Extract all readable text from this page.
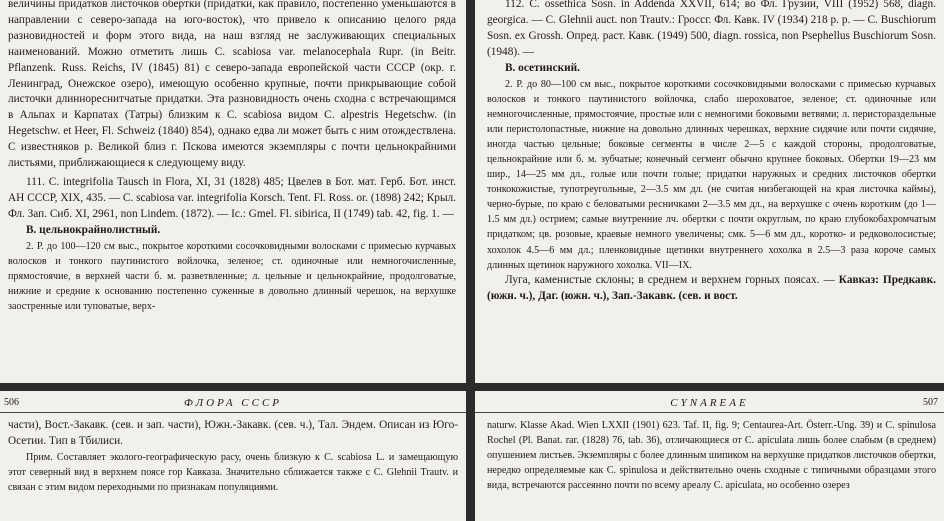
величины придатков листочков обертки (придатки, как правило, постепенно уменьшаются в направлении с северо-запада на юго-восток), что привело к описанию целого ряда разновидностей и форм этого вида, на наш взгляд не заслуживающих специальных наименований. Можно отметить лишь C. scabiosa var. melanocephala Rupr. (in Beitr. Pflanzenk. Russ. Reichs, IV (1845) 81) с северо-запада европейской части СССР (окр. г. Ленинград, Онежское озеро), имеющую особенно крупные, почти прикрывающие собой листочки длиннореснитчатые придатки. Эта разновидность очень сходна с встречающимся в Альпах и Карпатах (Татры) близким к C. scabiosa видом C. alpestris Hegetschw. (in Hegetschw. et Heer, Fl. Schweiz (1840) 854), однако едва ли может быть с ним отождествлена. С известняков р. Великой близ г. Пскова имеются экземпляры с почти цельнокрайними листьями, приближающиеся к следующему виду.

111. C. integrifolia Tausch in Flora, XI, 31 (1828) 485; Цвелев в Бот. мат. Герб. Бот. инст. АН СССР, XIX, 435. — C. scabiosa var. integrifolia Korsch. Tent. Fl. Ross. or. (1898) 242; Крыл. Фл. Зап. Сиб. XI, 2961, non Lindem. (1872). — Ic.: Gmel. Fl. sibirica, II (1749) tab. 42, fig. 1. —
В. цельнокрайнолистный.

2. Р. до 100—120 см выс., покрытое короткими сосочковидными волосками с примесью курчавых волосков и тонкого паутинистого войлочка, зеленое; ст. одиночные или немногочисленные, прямостоячие, в верхней части б. м. разветвленные; л. цельные и цельнокрайние, продолговатые, нижние и средние к основанию постепенно суженные в довольно длинный черешок, на верхушке заостренные или туповатые, верх-

112. C. ossethica Sosn. in Addenda XXVII, 614; во Фл. Грузии, VIII (1952) 568, diagn. georgica. — C. Glehnii auct. non Trautv.: Гроссг. Фл. Кавк. IV (1934) 218 p. p. — C. Buschiorum Sosn. ex Grossh. Опред. раст. Кавк. (1949) 500, diagn. rossica, non Psephellus Buschiorum Sosn. (1948). —
В. осетинский.

2. Р. до 80—100 см выс., покрытое короткими сосочковидными волосками с примесью курчавых волосков и тонкого паутинистого войлочка, слабо шероховатое, зеленое; ст. одиночные или немногочисленные, прямостоячие, простые или с немногими боковыми ветвями; л. перистораздельные или перистолопастные, нижние на довольно длинных черешках, верхние сидячие или почти сидячие, иногда частью цельные; боковые сегменты в числе 2—5 с каждой стороны, продолговатые, цельнокрайние или б. м. зубчатые; конечный сегмент обычно крупнее боковых. Обертки 19—23 мм шир., 14—25 мм дл., голые или почти голые; придатки наружных и средних листочков обертки тонкокожистые, тупотреугольные, 2—3.5 мм дл. (не считая низбегающей на края листочка каймы), черно-бурые, по краю с беловатыми ресничками 2—3.5 мм дл., на верхушке с очень коротким (до 1—1.5 мм дл.) острием; самые внутренние лч. обертки с почти округлым, по краю глубокобахромчатым придатком; цв. розовые, краевые немного увеличены; смк. 5—6 мм дл., коротко- и редковолосистые; хохолок 4.5—6 мм дл.; пленковидные щетинки внутреннего хохолка в 2.5—3 раза короче самых длинных щетинок наружного хохолка. VII—IX.

Луга, каменистые склоны; в среднем и верхнем горных поясах. — Кавказ: Предкавк. (южн. ч.), Даг. (южн. ч.), Зап.-Закавк. (сев. и вост.

506	ФЛОРА СССР

части), Вост.-Закавк. (сев. и зап. части), Южн.-Закавк. (сев. ч.), Тал. Эндем. Описан из Юго-Осетии. Тип в Тбилиси.

Прим. Составляет эколого-географическую расу, очень близкую к C. scabiosa L. и замещающую этот северный вид в верхнем поясе гор Кавказа. Значительно сближается также с C. Glehnii Trautv. и связан с этим видом переходными по признакам популяциями.

CYNAREAE	507

naturw. Klasse Akad. Wien LXXII (1901) 623. Taf. II, fig. 9; Centaurea-Art. Österr.-Ung. 39) и C. spinulosa Rochel (Pl. Banat. rar. (1828) 76, tab. 36), отличающиеся от C. apiculata лишь более слабым (в среднем) опушением листьев. Экземпляры с более длинным шипиком на верхушке придатков листочков обертки, нередко определяемые как C. spinulosa и действительно очень сходные с типичными образцами этого вида, встречаются рассеянно почти по всему ареалу C. apiculata, но особенно озерез
